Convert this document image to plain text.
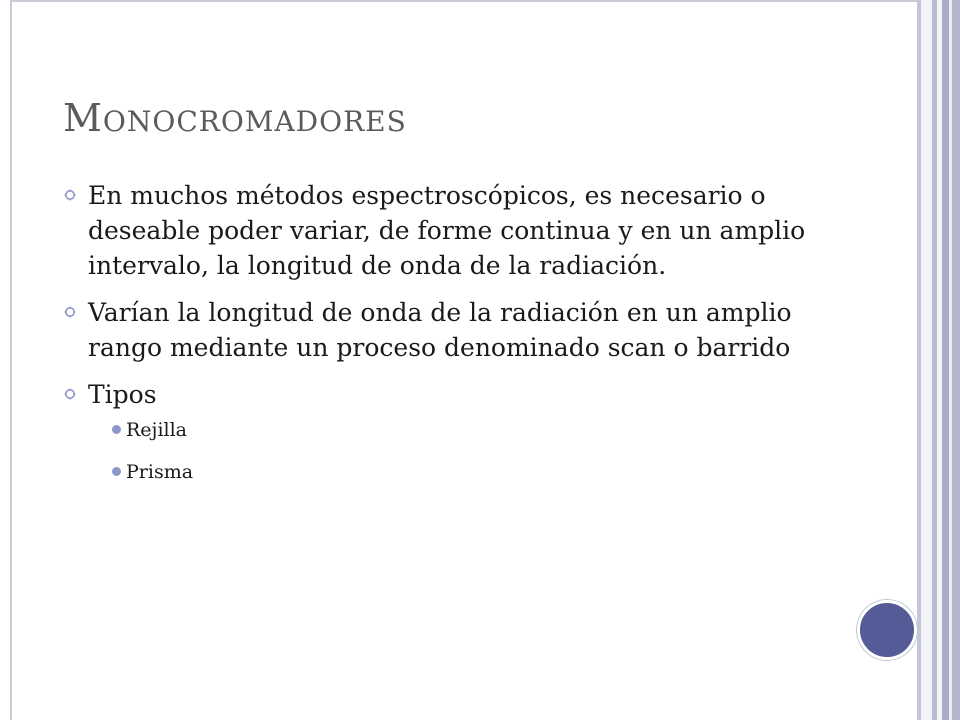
MONOCROMADORES
En muchos métodos espectroscópicos, es necesario o deseable poder variar, de forme continua y en un amplio intervalo, la longitud de onda de la radiación.
Varían la longitud de onda de la radiación en un amplio rango mediante un proceso denominado scan o barrido
Tipos
Rejilla
Prisma
